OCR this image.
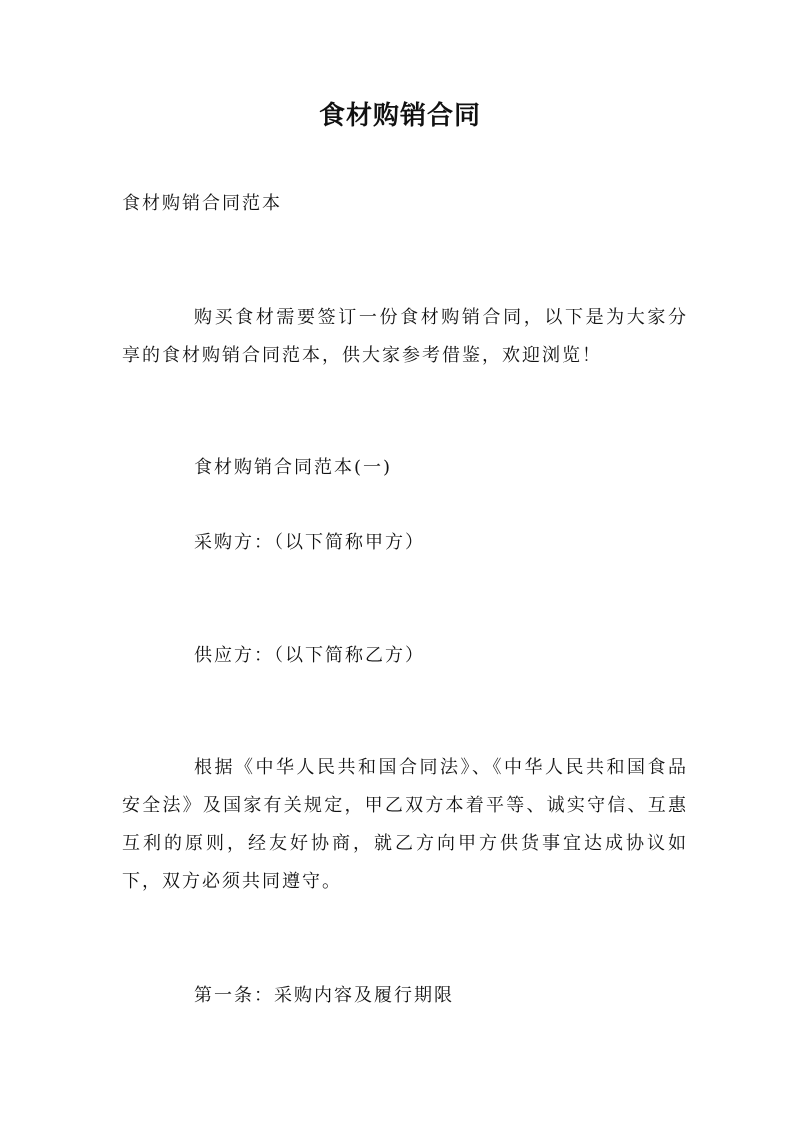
食材购销合同
食材购销合同范本
购买食材需要签订一份食材购销合同，以下是为大家分享的食材购销合同范本，供大家参考借鉴，欢迎浏览！
食材购销合同范本(一)
采购方：（以下简称甲方）
供应方：（以下简称乙方）
根据《中华人民共和国合同法》、《中华人民共和国食品安全法》及国家有关规定，甲乙双方本着平等、诚实守信、互惠互利的原则，经友好协商，就乙方向甲方供货事宜达成协议如下，双方必须共同遵守。
第一条：采购内容及履行期限
